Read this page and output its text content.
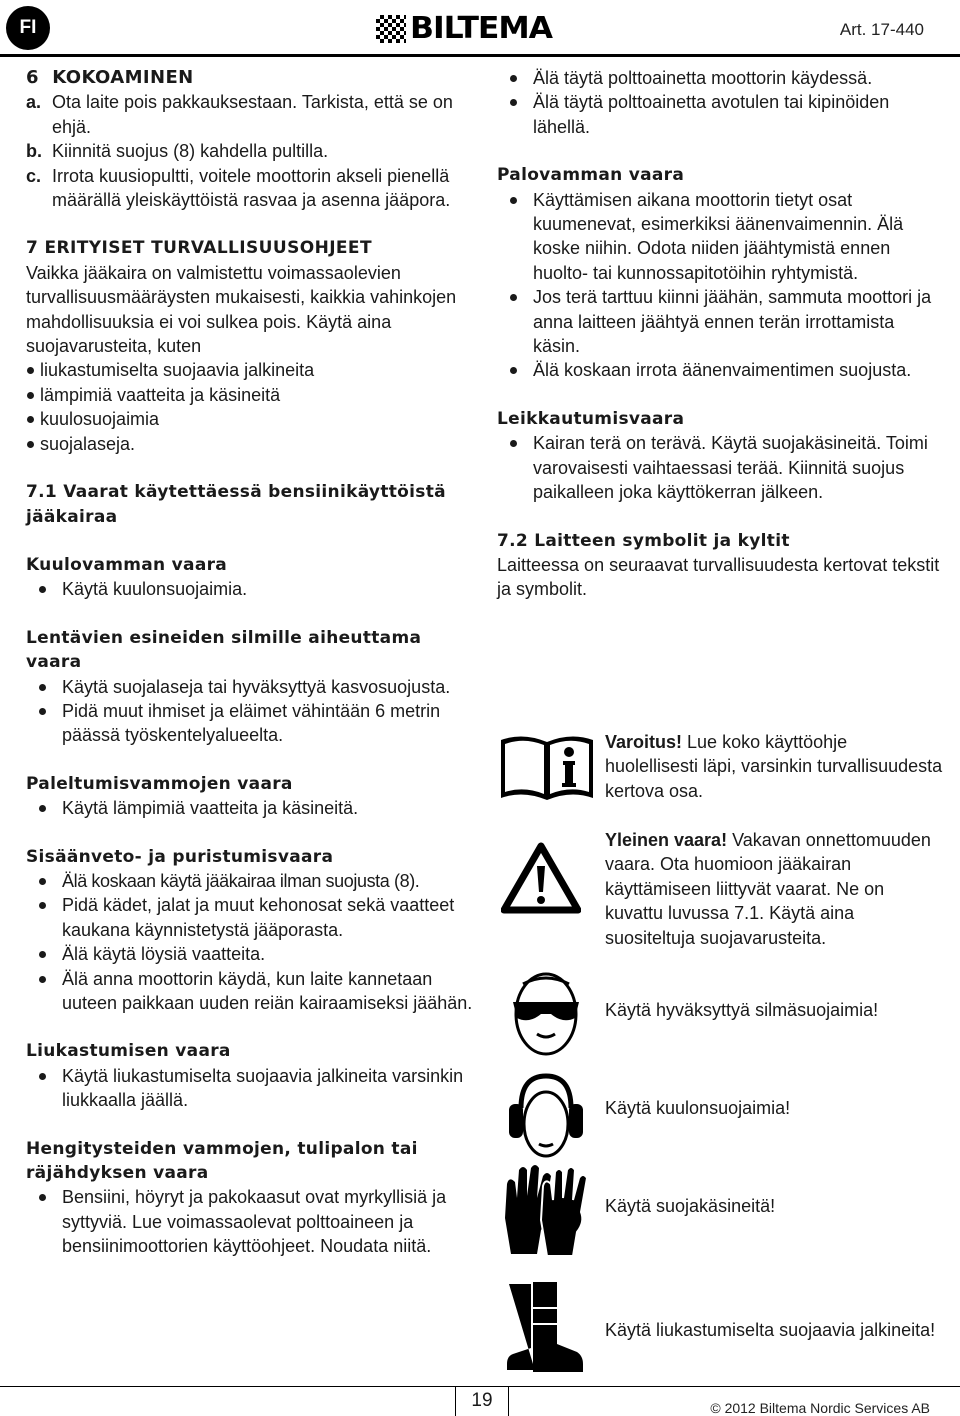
FI	BILTEMA	Art. 17-440
6  KOKOAMINEN
a. Ota laite pois pakkauksestaan. Tarkista, että se on ehjä.
b. Kiinnitä suojus (8) kahdella pultilla.
c. Irrota kuusiopultti, voitele moottorin akseli pienellä määrällä yleiskäyttöistä rasvaa ja asenna jääpora.
7 ERITYISET TURVALLISUUSOHJEET

Vaikka jääkaira on valmistettu voimassaolevien turvallisuusmääräysten mukaisesti, kaikkia vahinkojen mahdollisuuksia ei voi sulkea pois. Käytä aina suojavarusteita, kuten

liukastumiselta suojaavia jalkineita
lämpimiä vaatteita ja käsineitä
kuulosuojaimia
suojalaseja.
7.1 Vaarat käytettäessä bensiinikäyttöistä jääkairaa
Kuulovamman vaara
Käytä kuulonsuojaimia.
Lentävien esineiden silmille aiheuttama vaara
Käytä suojalaseja tai hyväksyttyä kasvosuojusta.
Pidä muut ihmiset ja eläimet vähintään 6 metrin päässä työskentelyalueelta.
Paleltumisvammojen vaara
Käytä lämpimiä vaatteita ja käsineitä.
Sisäänveto- ja puristumisvaara
Älä koskaan käytä jääkairaa ilman suojusta (8).
Pidä kädet, jalat ja muut kehonosat sekä vaatteet kaukana käynnistetystä jääporasta.
Älä käytä löysiä vaatteita.
Älä anna moottorin käydä, kun laite kannetaan uuteen paikkaan uuden reiän kairaamiseksi jäähän.
Liukastumisen vaara
Käytä liukastumiselta suojaavia jalkineita varsinkin liukkaalla jäällä.
Hengitysteiden vammojen, tulipalon tai räjähdyksen vaara
Bensiini, höyryt ja pakokaasut ovat myrkyllisiä ja syttyviä. Lue voimassaolevat polttoaineen ja bensiinimoottorien käyttöohjeet. Noudata niitä.
Älä täytä polttoainetta moottorin käydessä.
Älä täytä polttoainetta avotulen tai kipinöiden lähellä.
Palovamman vaara
Käyttämisen aikana moottorin tietyt osat kuumenevat, esimerkiksi äänenvaimennin. Älä koske niihin. Odota niiden jäähtymistä ennen huolto- tai kunnossapitotöihin ryhtymistä.
Jos terä tarttuu kiinni jäähän, sammuta moottori ja anna laitteen jäähtyä ennen terän irrottamista käsin.
Älä koskaan irrota äänenvaimentimen suojusta.
Leikkautumisvaara
Kairan terä on terävä. Käytä suojakäsineitä. Toimi varovaisesti vaihtaessasi terää. Kiinnitä suojus paikalleen joka käyttökerran jälkeen.
7.2 Laitteen symbolit ja kyltit

Laitteessa on seuraavat turvallisuudesta kertovat tekstit ja symbolit.

Varoitus! Lue koko käyttöohje huolellisesti läpi, varsinkin turvallisuudesta kertova osa.
Yleinen vaara! Vakavan onnettomuuden vaara. Ota huomioon jääkairan käyttämiseen liittyvät vaarat. Ne on kuvattu luvussa 7.1. Käytä aina suositeltuja suojavarusteita.
Käytä hyväksyttyä silmäsuojaimia!
Käytä kuulonsuojaimia!
Käytä suojakäsineitä!
Käytä liukastumiselta suojaavia jalkineita!
19	© 2012 Biltema Nordic Services AB
